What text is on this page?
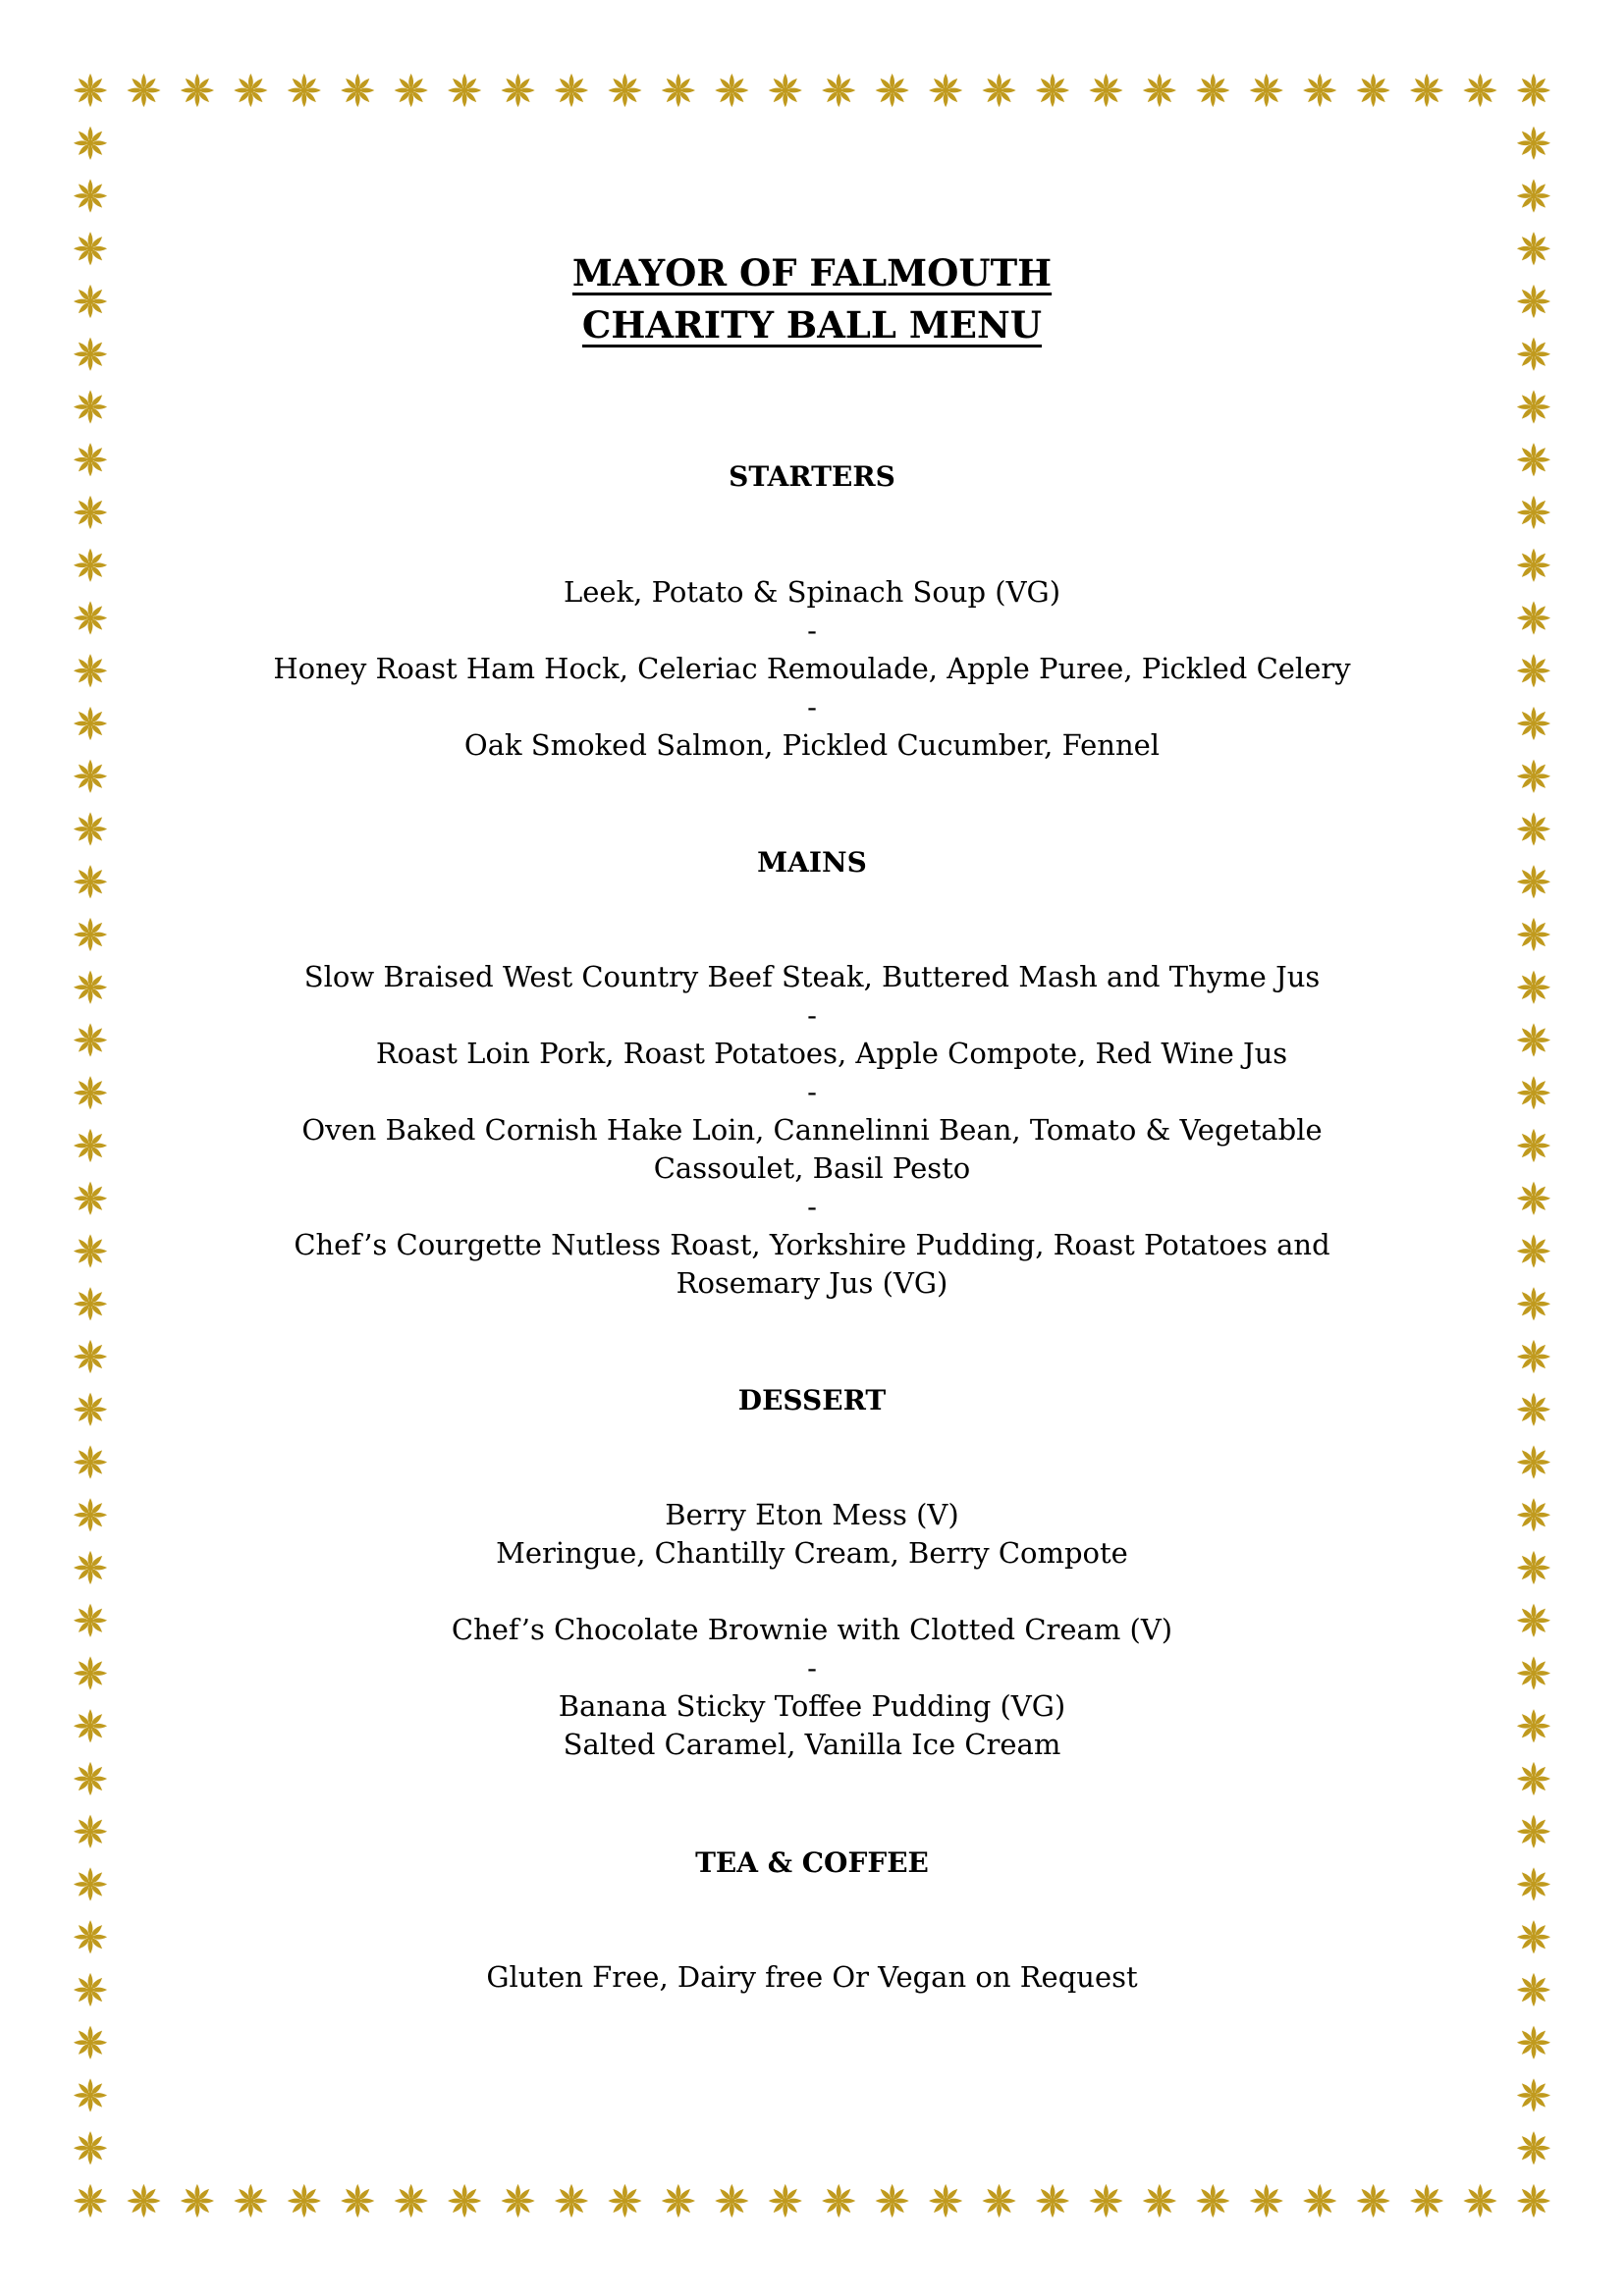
MAYOR OF FALMOUTH
CHARITY BALL MENU
STARTERS
Leek, Potato & Spinach Soup (VG)
-
Honey Roast Ham Hock, Celeriac Remoulade, Apple Puree, Pickled Celery
-
Oak Smoked Salmon, Pickled Cucumber, Fennel
MAINS
Slow Braised West Country Beef Steak, Buttered Mash and Thyme Jus
-
Roast Loin Pork, Roast Potatoes, Apple Compote, Red Wine Jus
-
Oven Baked Cornish Hake Loin, Cannelinni Bean, Tomato & Vegetable
Cassoulet, Basil Pesto
-
Chef’s Courgette Nutless Roast, Yorkshire Pudding, Roast Potatoes and
Rosemary Jus (VG)
DESSERT
Berry Eton Mess (V)
Meringue, Chantilly Cream, Berry Compote
Chef’s Chocolate Brownie with Clotted Cream (V)
-
Banana Sticky Toffee Pudding (VG)
Salted Caramel, Vanilla Ice Cream
TEA & COFFEE
Gluten Free, Dairy free Or Vegan on Request
